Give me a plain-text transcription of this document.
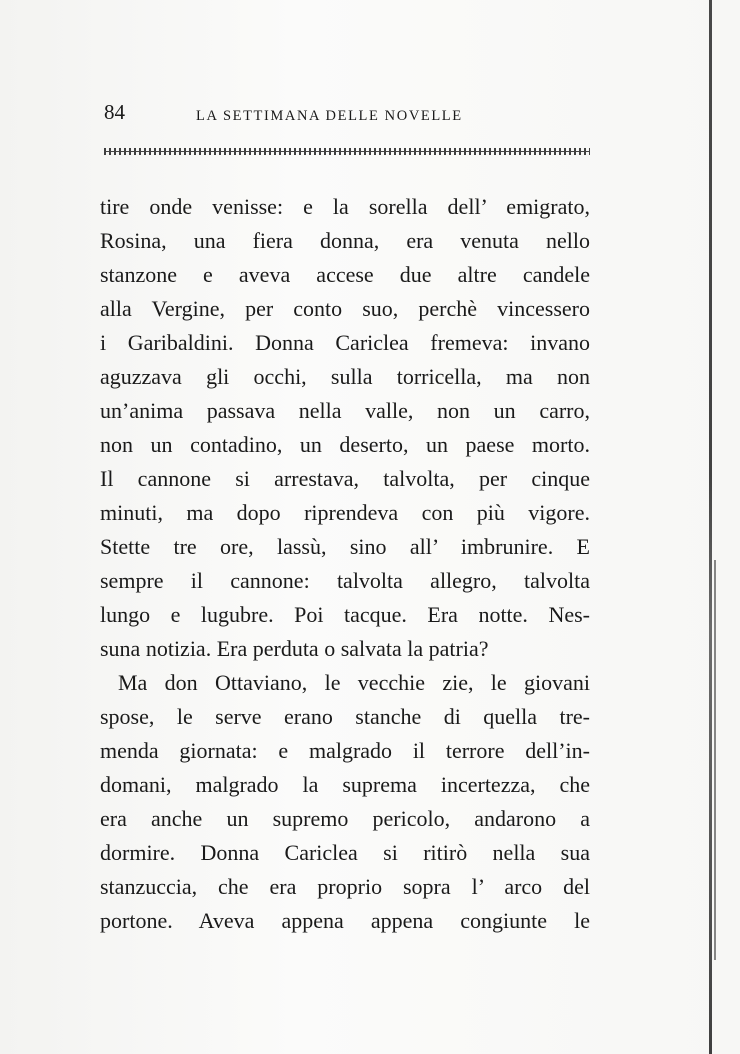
84	LA SETTIMANA DELLE NOVELLE
tire onde venisse: e la sorella dell’ emigrato,
Rosina, una fiera donna, era venuta nello
stanzone e aveva accese due altre candele
alla Vergine, per conto suo, perchè vincessero
i Garibaldini. Donna Cariclea fremeva: invano
aguzzava gli occhi, sulla torricella, ma non
un’anima passava nella valle, non un carro,
non un contadino, un deserto, un paese morto.
Il cannone si arrestava, talvolta, per cinque
minuti, ma dopo riprendeva con più vigore.
Stette tre ore, lassù, sino all’ imbrunire. E
sempre il cannone: talvolta allegro, talvolta
lungo e lugubre. Poi tacque. Era notte. Nes-
suna notizia. Era perduta o salvata la patria?
Ma don Ottaviano, le vecchie zie, le giovani
spose, le serve erano stanche di quella tre-
menda giornata: e malgrado il terrore dell’in-
domani, malgrado la suprema incertezza, che
era anche un supremo pericolo, andarono a
dormire. Donna Cariclea si ritirò nella sua
stanzuccia, che era proprio sopra l’ arco del
portone. Aveva appena appena congiunte le
